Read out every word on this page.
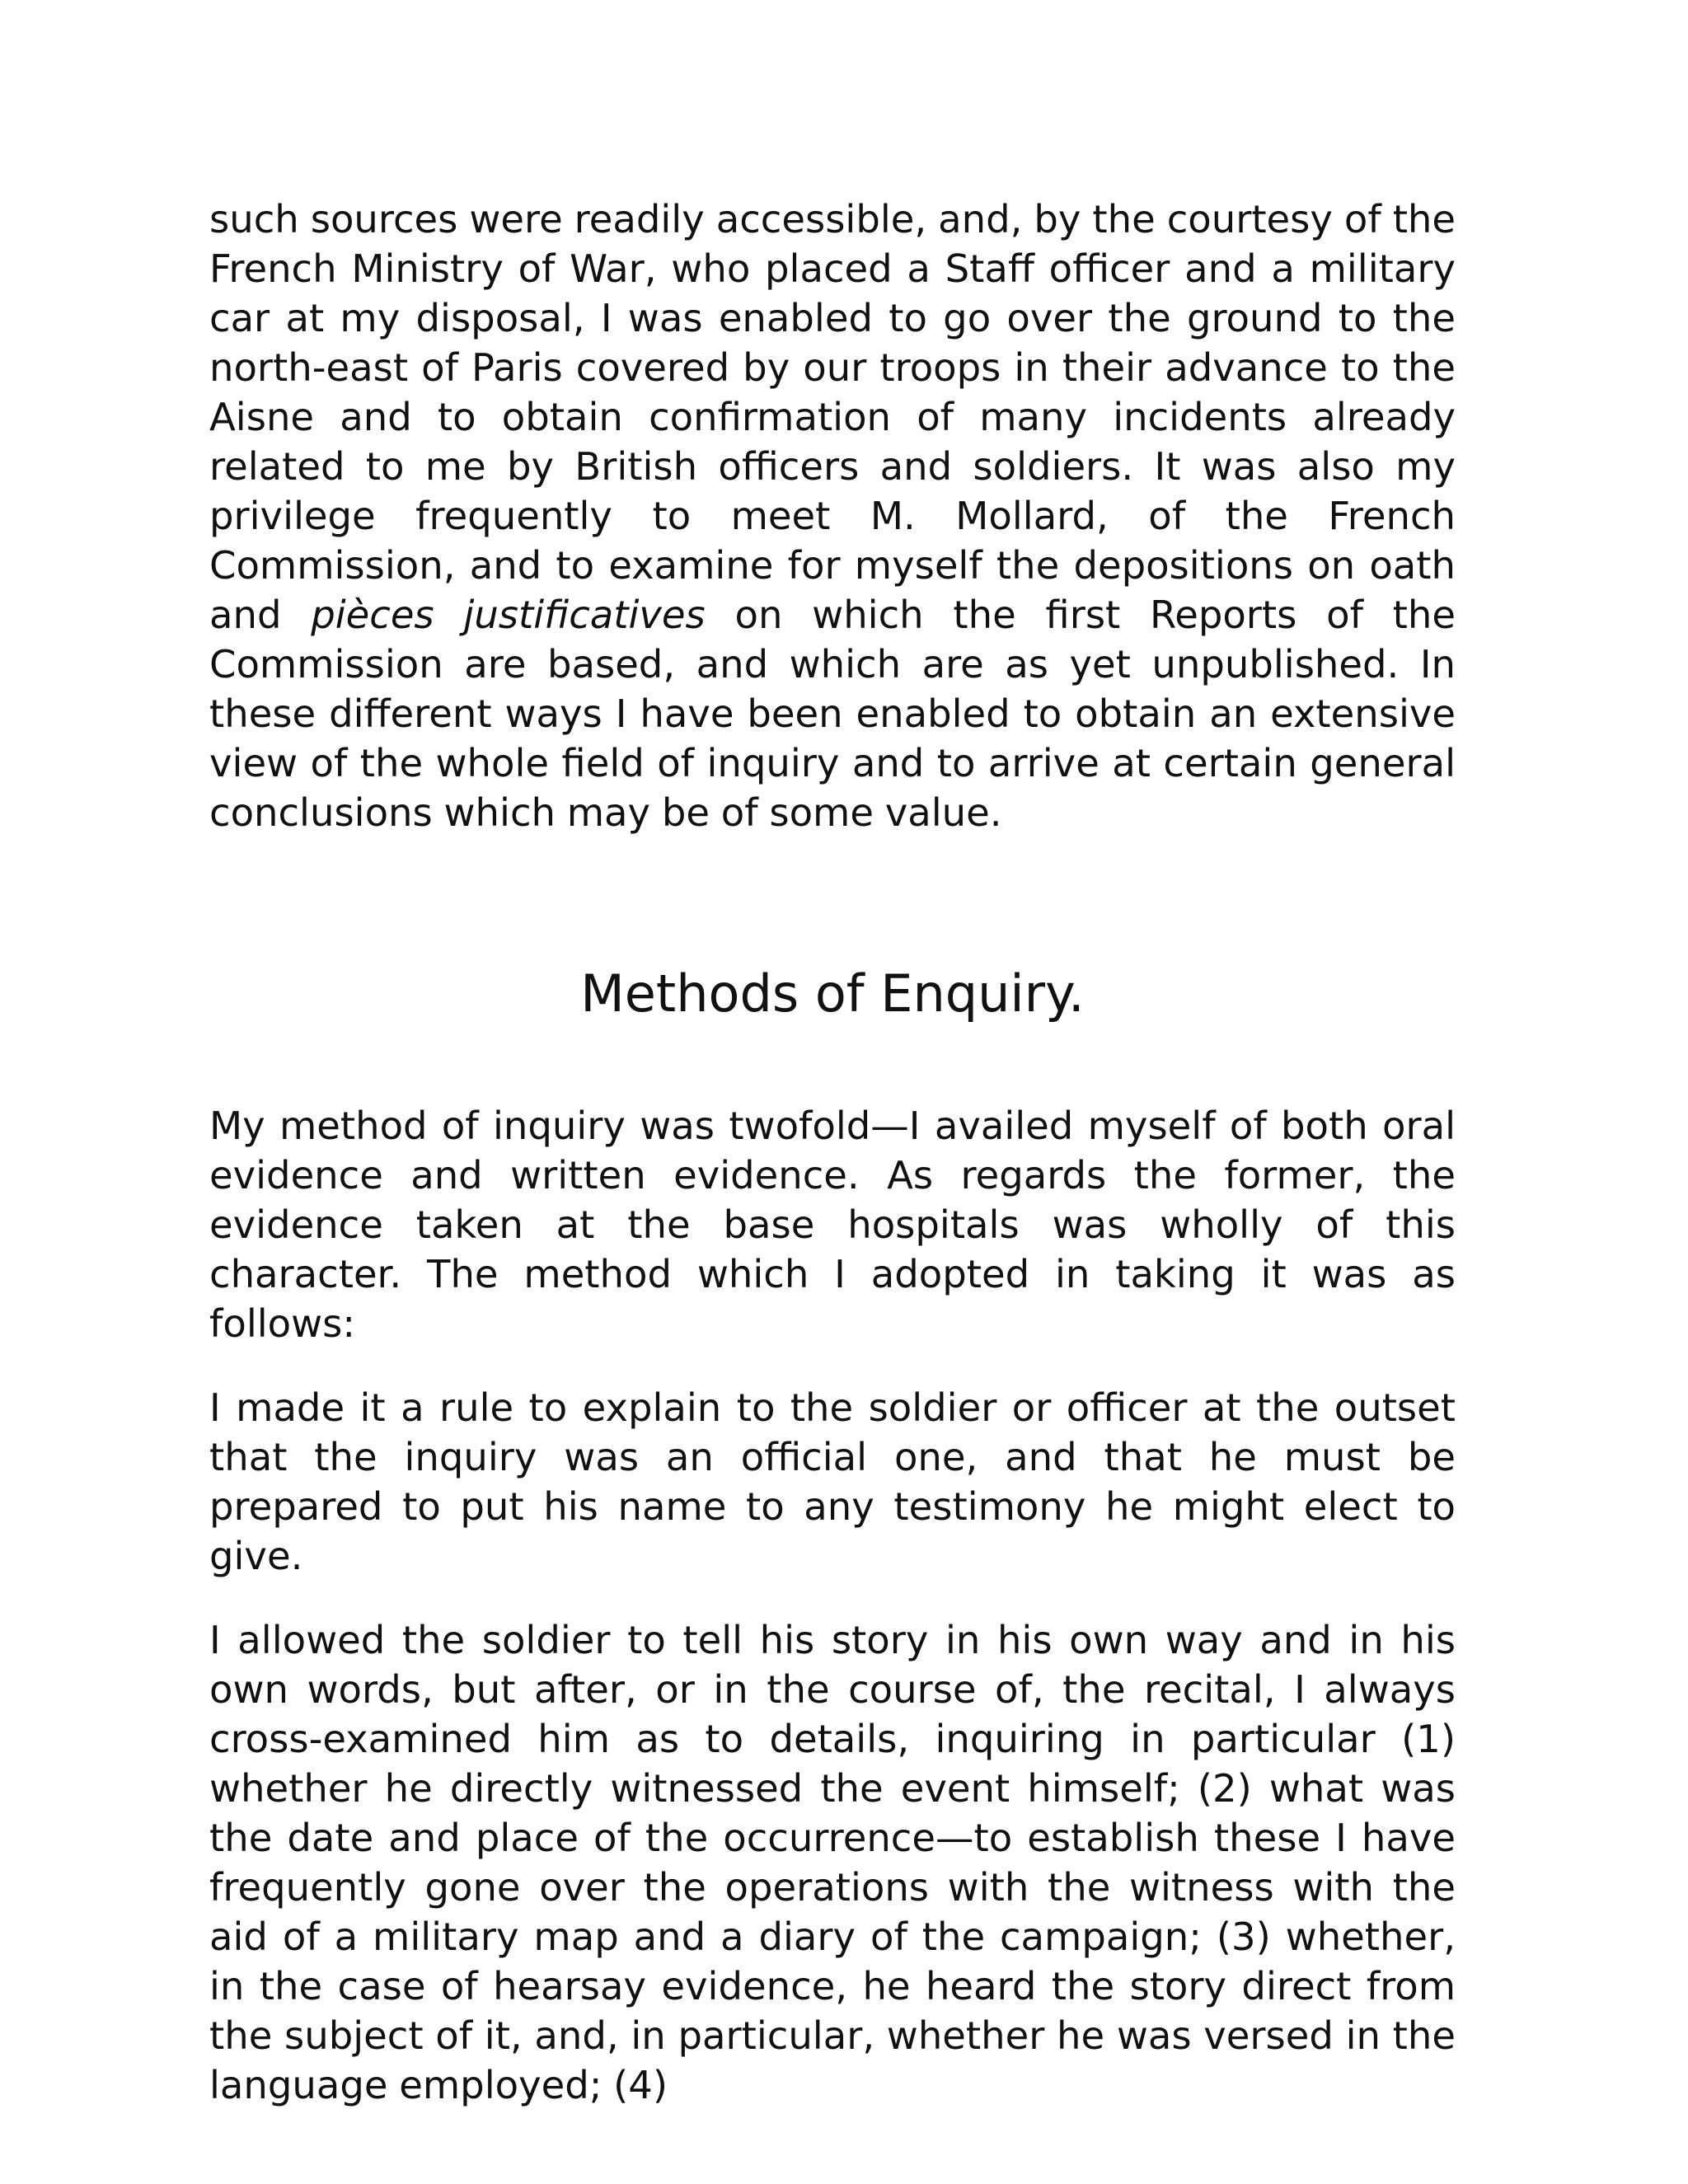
such sources were readily accessible, and, by the courtesy of the French Ministry of War, who placed a Staff officer and a military car at my disposal, I was enabled to go over the ground to the north-east of Paris covered by our troops in their advance to the Aisne and to obtain confirmation of many incidents already related to me by British officers and soldiers. It was also my privilege frequently to meet M. Mollard, of the French Commission, and to examine for myself the depositions on oath and pièces justificatives on which the first Reports of the Commission are based, and which are as yet unpublished. In these different ways I have been enabled to obtain an extensive view of the whole field of inquiry and to arrive at certain general conclusions which may be of some value.

Methods of Enquiry.

My method of inquiry was twofold—I availed myself of both oral evidence and written evidence. As regards the former, the evidence taken at the base hospitals was wholly of this character. The method which I adopted in taking it was as follows:

I made it a rule to explain to the soldier or officer at the outset that the inquiry was an official one, and that he must be prepared to put his name to any testimony he might elect to give.

I allowed the soldier to tell his story in his own way and in his own words, but after, or in the course of, the recital, I always cross-examined him as to details, inquiring in particular (1) whether he directly witnessed the event himself; (2) what was the date and place of the occurrence—to establish these I have frequently gone over the operations with the witness with the aid of a military map and a diary of the campaign; (3) whether, in the case of hearsay evidence, he heard the story direct from the subject of it, and, in particular, whether he was versed in the language employed; (4)
